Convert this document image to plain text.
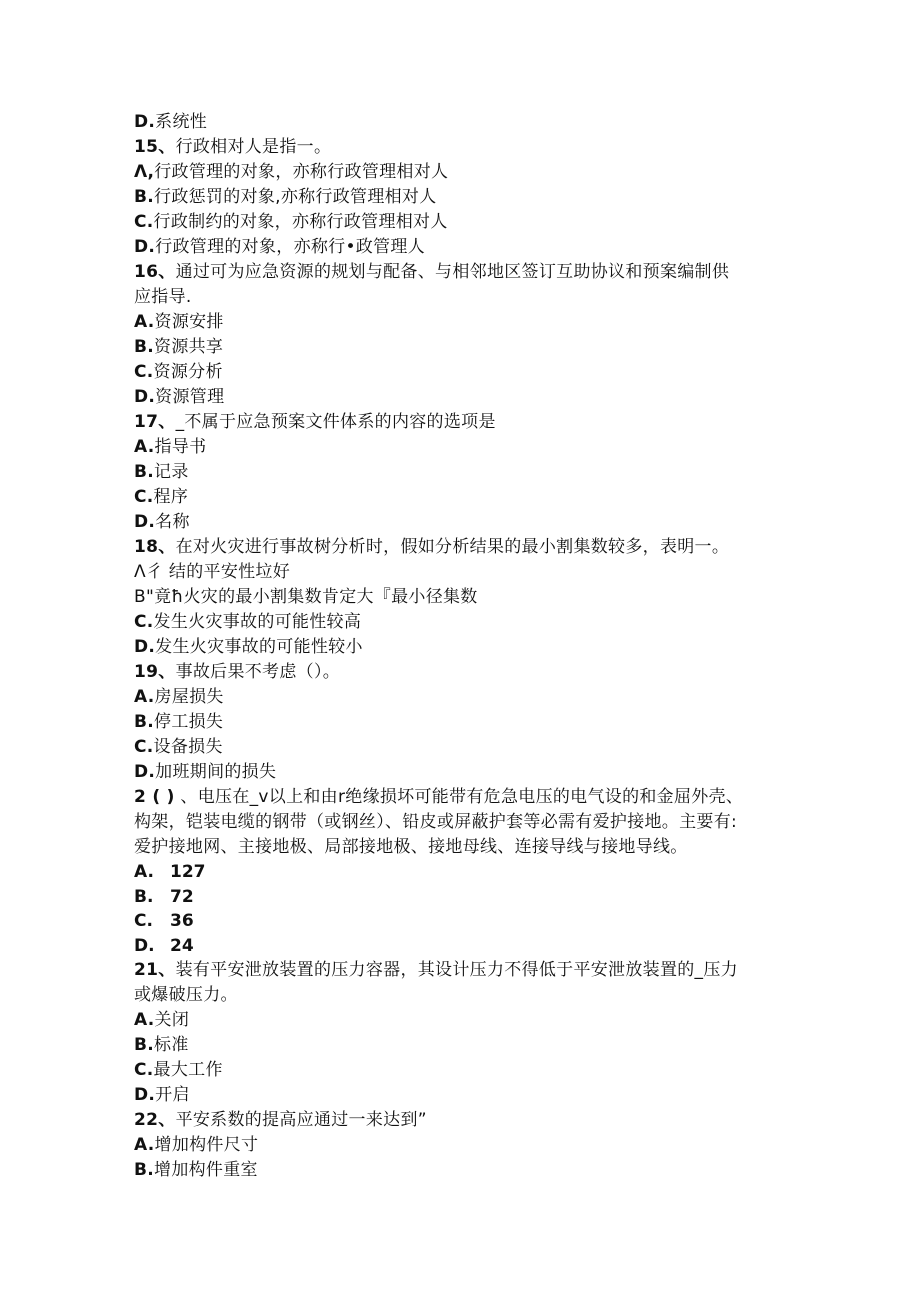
D.系统性
15、行政相对人是指一。
Λ,行政管理的对象，亦称行政管理相对人
B.行政惩罚的对象,亦称行政管理相对人
C.行政制约的对象，亦称行政管理相对人
D.行政管理的对象，亦称行•政管理人
16、通过可为应急资源的规划与配备、与相邻地区签订互助协议和预案编制供
应指导.
A.资源安排
B.资源共享
C.资源分析
D.资源管理
17、_不属于应急预案文件体系的内容的选项是
A.指导书
B.记录
C.程序
D.名称
18、在对火灾进行事故树分析时，假如分析结果的最小割集数较多，表明一。
Λ彳 结的平安性垃好
B"竟ħ火灾的最小割集数肯定大『最小径集数
C.发生火灾事故的可能性较高
D.发生火灾事故的可能性较小
19、事故后果不考虑（）。
A.房屋损失
B.停工损失
C.设备损失
D.加班期间的损失
2 ( ) 、电压在_v以上和由r绝缘损坏可能带有危急电压的电气设的和金屈外壳、
构架，铠装电缆的钢带（或钢丝）、铅皮或屏蔽护套等必需有爱护接地。主要有:
爱护接地网、主接地极、局部接地极、接地母线、连接导线与接地导线。
A. 127
B. 72
C. 36
D. 24
21、装有平安泄放装置的压力容器，其设计压力不得低于平安泄放装置的_压力
或爆破压力。
A.关闭
B.标准
C.最大工作
D.开启
22、平安系数的提高应通过一来达到”
A.增加构件尺寸
B.增加构件重室
